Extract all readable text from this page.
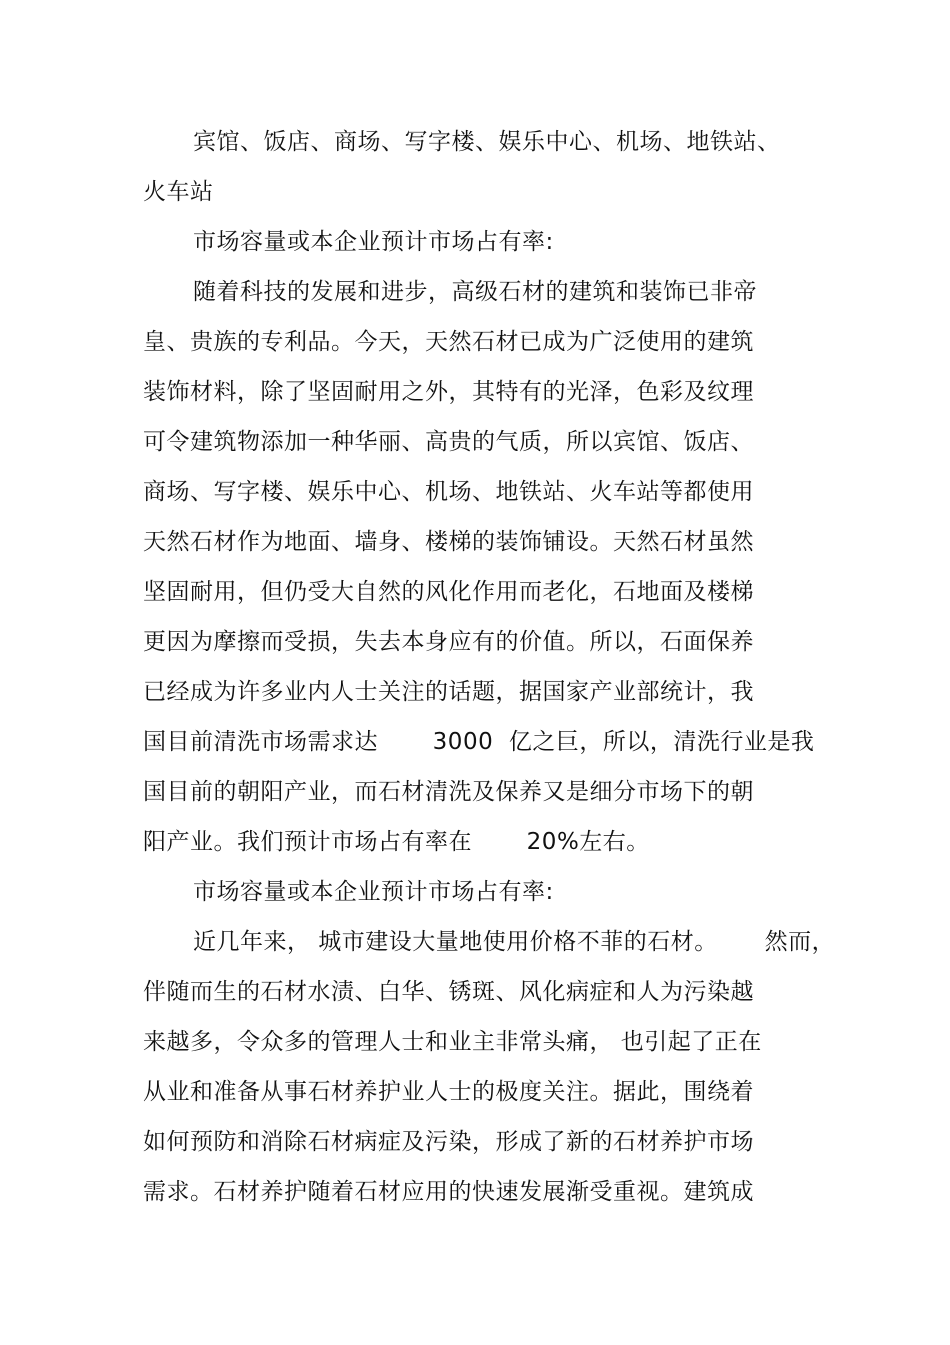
宾馆、饭店、商场、写字楼、娱乐中心、机场、地铁站、
火车站
市场容量或本企业预计市场占有率:
随着科技的发展和进步，高级石材的建筑和装饰已非帝
皇、贵族的专利品。今天，天然石材已成为广泛使用的建筑
装饰材料，除了坚固耐用之外，其特有的光泽，色彩及纹理
可令建筑物添加一种华丽、高贵的气质，所以宾馆、饭店、
商场、写字楼、娱乐中心、机场、地铁站、火车站等都使用
天然石材作为地面、墙身、楼梯的装饰铺设。天然石材虽然
坚固耐用，但仍受大自然的风化作用而老化，石地面及楼梯
更因为摩擦而受损，失去本身应有的价值。所以，石面保养
已经成为许多业内人士关注的话题，据国家产业部统计，我
国目前清洗市场需求达       3000  亿之巨，所以，清洗行业是我
国目前的朝阳产业，而石材清洗及保养又是细分市场下的朝
阳产业。我们预计市场占有率在       20%左右。
市场容量或本企业预计市场占有率:
近几年来， 城市建设大量地使用价格不菲的石材。      然而，
伴随而生的石材水渍、白华、锈斑、风化病症和人为污染越
来越多，令众多的管理人士和业主非常头痛， 也引起了正在
从业和准备从事石材养护业人士的极度关注。据此，围绕着
如何预防和消除石材病症及污染，形成了新的石材养护市场
需求。石材养护随着石材应用的快速发展渐受重视。建筑成
